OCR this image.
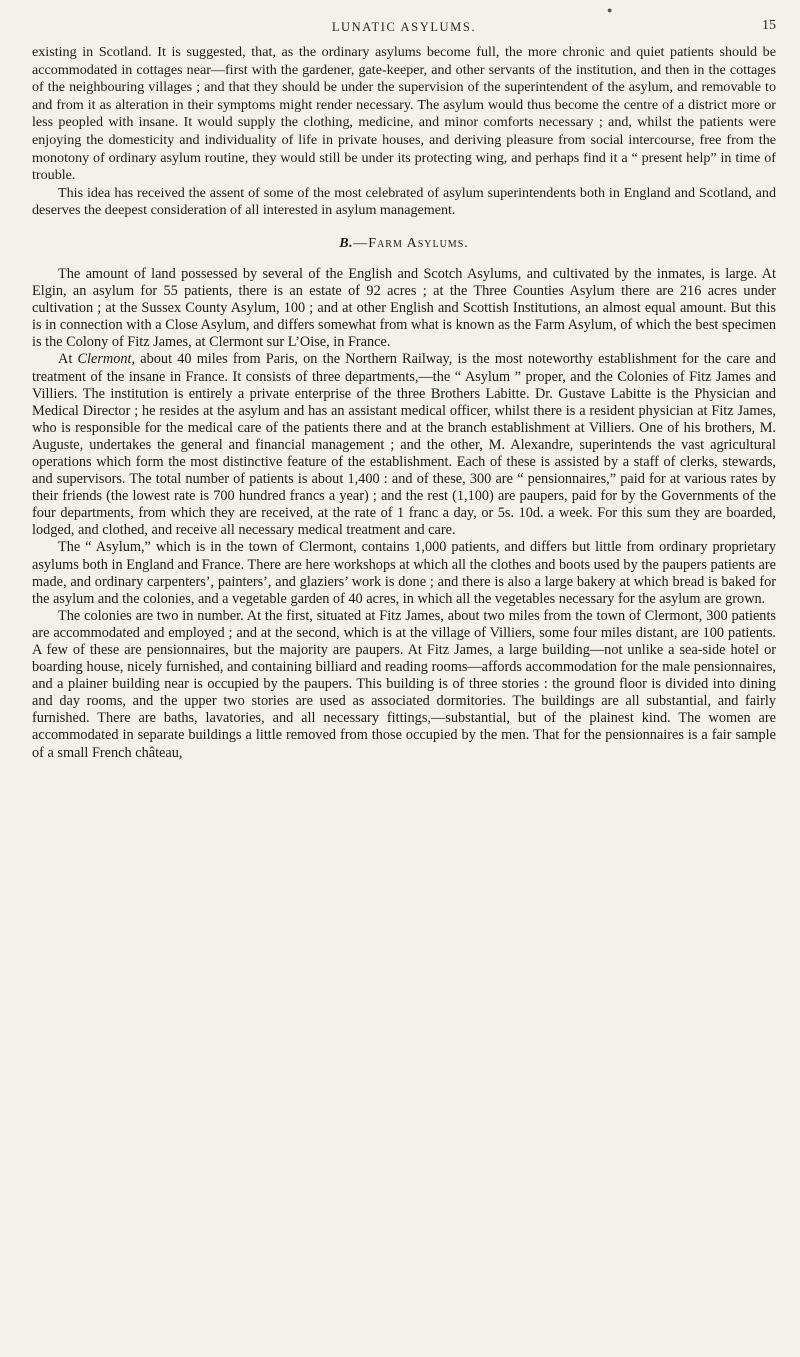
●
LUNATIC ASYLUMS.	15

existing in Scotland. It is suggested, that, as the ordinary asylums become full, the more chronic and quiet patients should be accommodated in cottages near—first with the gardener, gate-keeper, and other servants of the institution, and then in the cottages of the neighbouring villages ; and that they should be under the supervision of the superintendent of the asylum, and removable to and from it as alteration in their symptoms might render necessary. The asylum would thus become the centre of a district more or less peopled with insane. It would supply the clothing, medicine, and minor comforts necessary ; and, whilst the patients were enjoying the domesticity and individuality of life in private houses, and deriving pleasure from social intercourse, free from the monotony of ordinary asylum routine, they would still be under its protecting wing, and perhaps find it a “ present help” in time of trouble.

This idea has received the assent of some of the most celebrated of asylum superintendents both in England and Scotland, and deserves the deepest consideration of all interested in asylum management.

B.—Farm Asylums.

The amount of land possessed by several of the English and Scotch Asylums, and cultivated by the inmates, is large. At Elgin, an asylum for 55 patients, there is an estate of 92 acres ; at the Three Counties Asylum there are 216 acres under cultivation ; at the Sussex County Asylum, 100 ; and at other English and Scottish Institutions, an almost equal amount. But this is in connection with a Close Asylum, and differs somewhat from what is known as the Farm Asylum, of which the best specimen is the Colony of Fitz James, at Clermont sur L’Oise, in France.

At Clermont, about 40 miles from Paris, on the Northern Railway, is the most noteworthy establishment for the care and treatment of the insane in France. It consists of three departments,—the “ Asylum ” proper, and the Colonies of Fitz James and Villiers. The institution is entirely a private enterprise of the three Brothers Labitte. Dr. Gustave Labitte is the Physician and Medical Director ; he resides at the asylum and has an assistant medical officer, whilst there is a resident physician at Fitz James, who is responsible for the medical care of the patients there and at the branch establishment at Villiers. One of his brothers, M. Auguste, undertakes the general and financial management ; and the other, M. Alexandre, superintends the vast agricultural operations which form the most distinctive feature of the establishment. Each of these is assisted by a staff of clerks, stewards, and supervisors. The total number of patients is about 1,400 : and of these, 300 are “ pensionnaires,” paid for at various rates by their friends (the lowest rate is 700 hundred francs a year) ; and the rest (1,100) are paupers, paid for by the Governments of the four departments, from which they are received, at the rate of 1 franc a day, or 5s. 10d. a week. For this sum they are boarded, lodged, and clothed, and receive all necessary medical treatment and care.

The “ Asylum,” which is in the town of Clermont, contains 1,000 patients, and differs but little from ordinary proprietary asylums both in England and France. There are here workshops at which all the clothes and boots used by the paupers patients are made, and ordinary carpenters’, painters’, and glaziers’ work is done ; and there is also a large bakery at which bread is baked for the asylum and the colonies, and a vegetable garden of 40 acres, in which all the vegetables necessary for the asylum are grown.

The colonies are two in number. At the first, situated at Fitz James, about two miles from the town of Clermont, 300 patients are accommodated and employed ; and at the second, which is at the village of Villiers, some four miles distant, are 100 patients. A few of these are pensionnaires, but the majority are paupers. At Fitz James, a large building—not unlike a sea-side hotel or boarding house, nicely furnished, and containing billiard and reading rooms—affords accommodation for the male pensionnaires, and a plainer building near is occupied by the paupers. This building is of three stories : the ground floor is divided into dining and day rooms, and the upper two stories are used as associated dormitories. The buildings are all substantial, and fairly furnished. There are baths, lavatories, and all necessary fittings,—substantial, but of the plainest kind. The women are accommodated in separate buildings a little removed from those occupied by the men. That for the pensionnaires is a fair sample of a small French château,
